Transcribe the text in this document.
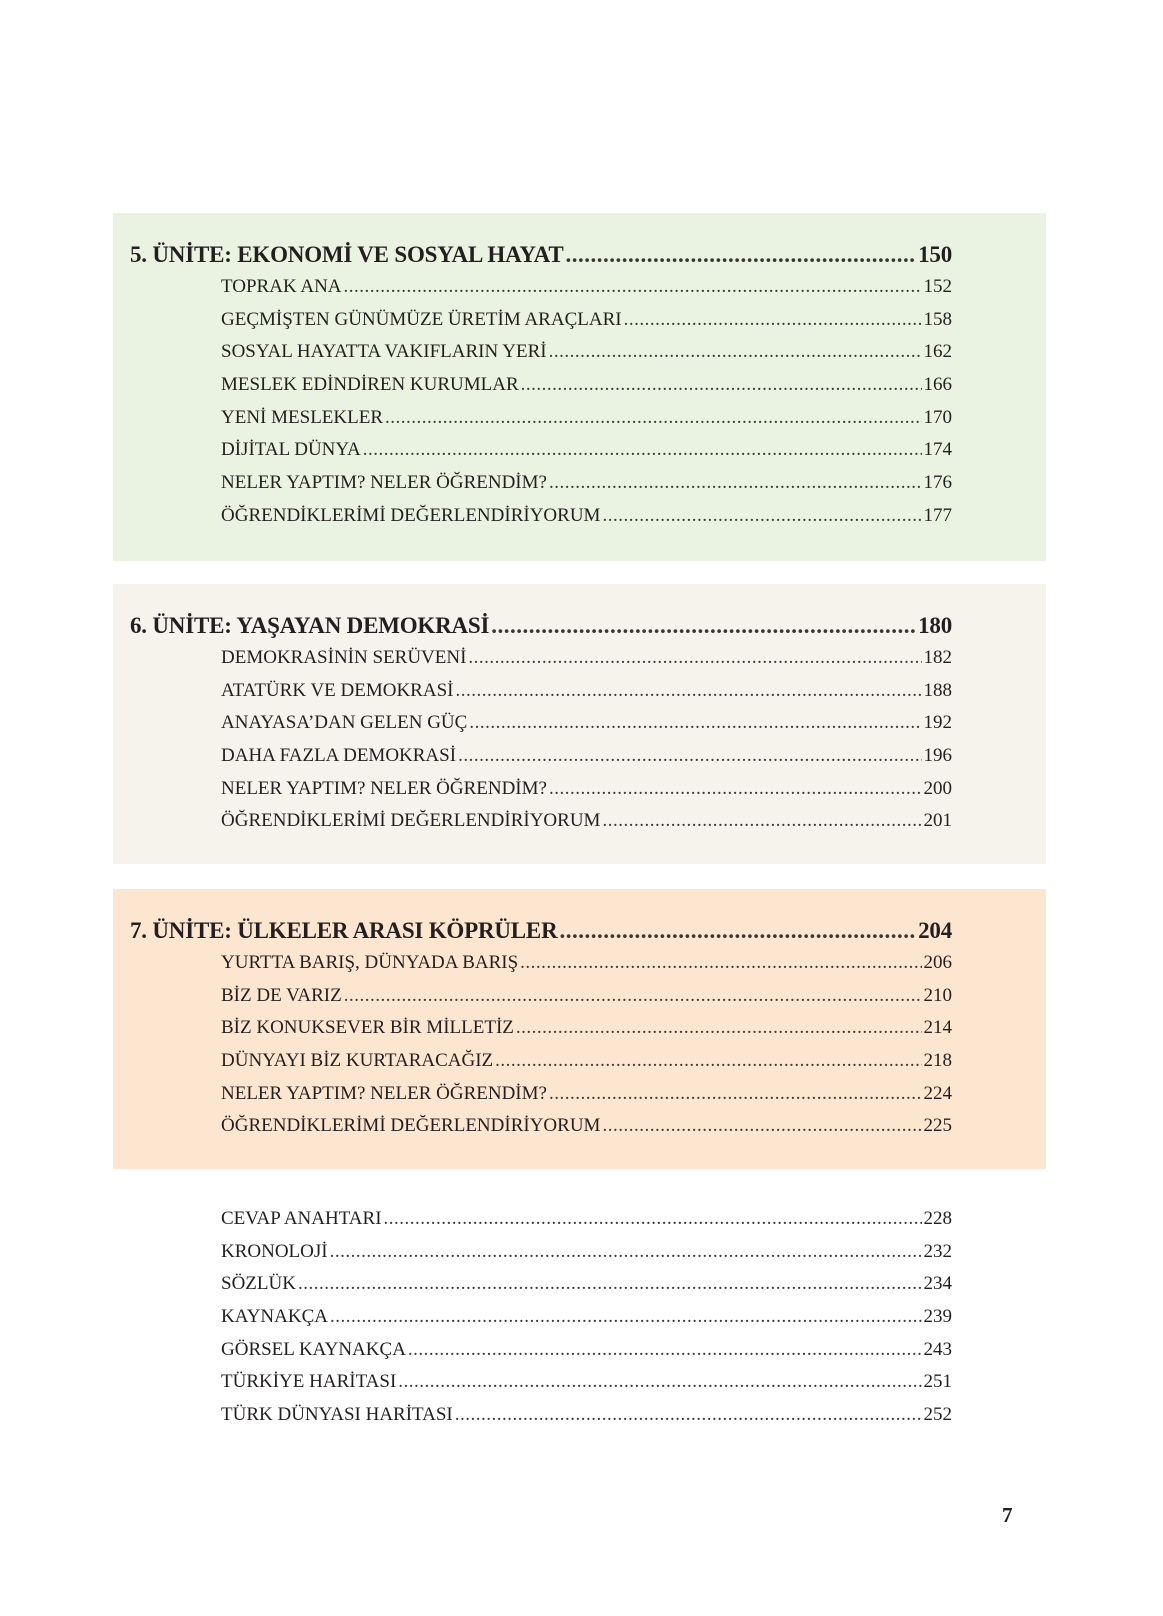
5. ÜNİTE: EKONOMİ VE SOSYAL HAYAT .....	150
TOPRAK ANA .....	152
GEÇMİŞTEN GÜNÜMÜZE ÜRETİM ARAÇLARI .....	158
SOSYAL HAYATTA VAKIFLARIN YERİ .....	162
MESLEK EDİNDİREN KURUMLAR .....	166
YENİ MESLEKLER .....	170
DİJİTAL DÜNYA .....	174
NELER YAPTIM? NELER ÖĞRENDİM? .....	176
ÖĞRENDİKLERİMİ DEĞERLENDİRİYORUM .....	177
6. ÜNİTE: YAŞAYAN DEMOKRASİ .....	180
DEMOKRASİNİN SERÜVENİ .....	182
ATATÜRK VE DEMOKRASİ .....	188
ANAYASA’DAN GELEN GÜÇ .....	192
DAHA FAZLA DEMOKRASİ .....	196
NELER YAPTIM? NELER ÖĞRENDİM? .....	200
ÖĞRENDİKLERİMİ DEĞERLENDİRİYORUM .....	201
7. ÜNİTE: ÜLKELER ARASI KÖPRÜLER .....	204
YURTTA BARIŞ, DÜNYADA BARIŞ .....	206
BİZ DE VARIZ .....	210
BİZ KONUKSEVER BİR MİLLETİZ .....	214
DÜNYAYI BİZ KURTARACAĞIZ .....	218
NELER YAPTIM? NELER ÖĞRENDİM? .....	224
ÖĞRENDİKLERİMİ DEĞERLENDİRİYORUM .....	225
CEVAP ANAHTARI .....	228
KRONOLOJİ .....	232
SÖZLÜK .....	234
KAYNAKÇA .....	239
GÖRSEL KAYNAKÇA .....	243
TÜRKİYE HARİTASI .....	251
TÜRK DÜNYASI HARİTASI .....	252
7
